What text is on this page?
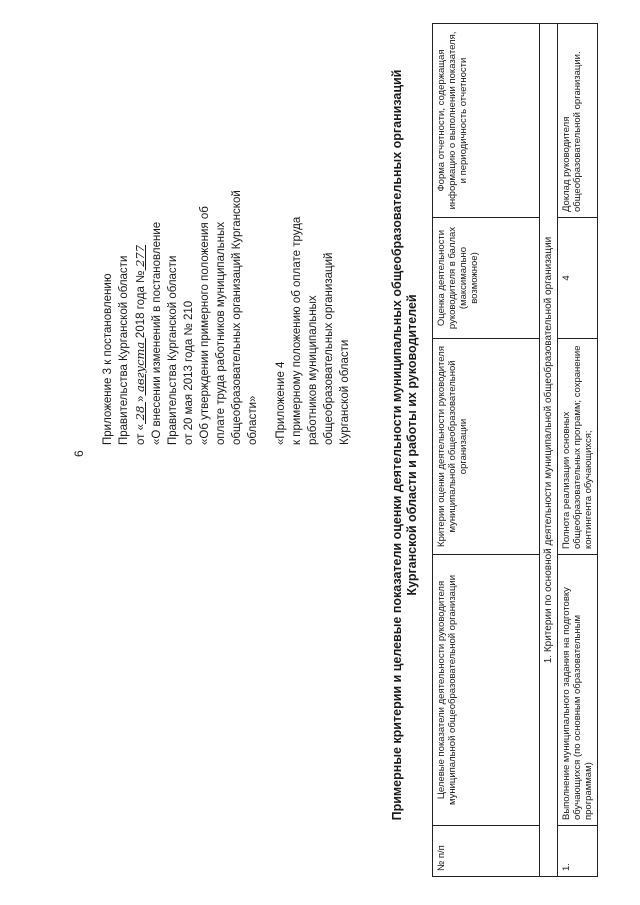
6
Приложение 3 к постановлению Правительства Курганской области от « 28 » августа 2018 года № 277 «О внесении изменений в постановление Правительства Курганской области от 20 мая 2013 года № 210 «Об утверждении примерного положения об оплате труда работников муниципальных общеобразовательных организаций Курганской области» «Приложение 4 к примерному положению об оплате труда работников муниципальных общеобразовательных организаций Курганской области	Примерные критерии и целевые показатели оценки деятельности муниципальных общеобразовательных организаций Курганской области и работы их руководителей
№ п/п	Целевые показатели деятельности руководителя муниципальной общеобразовательной организации	Критерии оценки деятельности руководителя муниципальной общеобразовательной организации	Оценка деятельности руководителя в баллах (максимально возможное)	Форма отчетности, содержащая информацию о выполнении показателя, и периодичность отчетности
1. Критерии по основной деятельности муниципальной общеобразовательной организации				
1.	Выполнение муниципального задания на подготовку обучающихся (по основным образовательным программам)	Полнота реализации основных общеобразовательных программ; сохранение контингента обучающихся;	4	Доклад руководителя общеобразовательной организации.
